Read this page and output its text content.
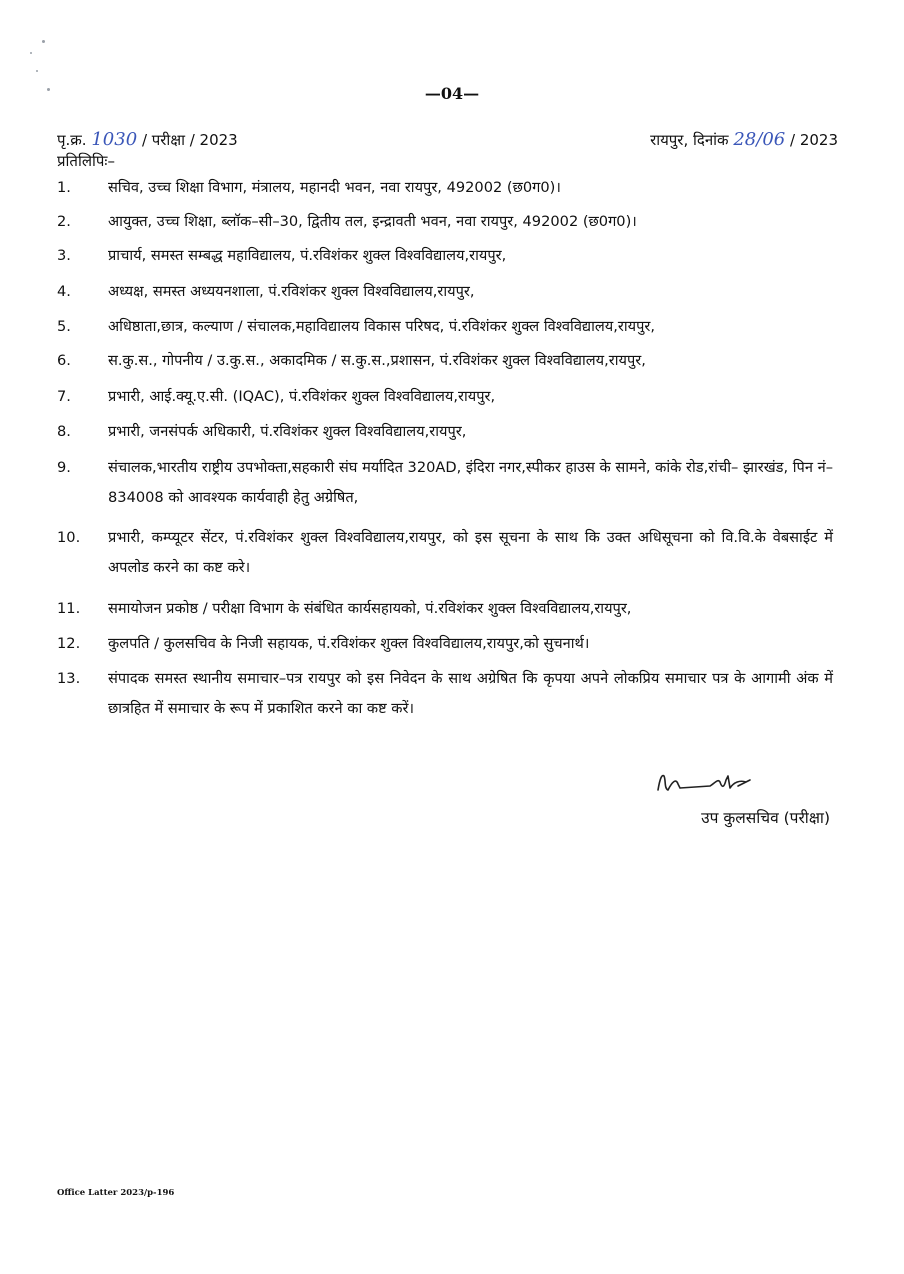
—04—
पृ.क्र. 1030 / परीक्षा / 2023	रायपुर, दिनांक 28/06 / 2023
प्रतिलिपिः–
1.	सचिव, उच्च शिक्षा विभाग, मंत्रालय, महानदी भवन, नवा रायपुर, 492002 (छ0ग0)।
2.	आयुक्त, उच्च शिक्षा, ब्लॉक–सी–30, द्वितीय तल, इन्द्रावती भवन, नवा रायपुर, 492002 (छ0ग0)।
3.	प्राचार्य, समस्त सम्बद्ध महाविद्यालय, पं.रविशंकर शुक्ल विश्वविद्यालय,रायपुर,
4.	अध्यक्ष, समस्त अध्ययनशाला, पं.रविशंकर शुक्ल विश्वविद्यालय,रायपुर,
5.	अधिष्ठाता,छात्र, कल्याण / संचालक,महाविद्यालय विकास परिषद, पं.रविशंकर शुक्ल विश्वविद्यालय,रायपुर,
6.	स.कु.स., गोपनीय / उ.कु.स., अकादमिक / स.कु.स.,प्रशासन, पं.रविशंकर शुक्ल विश्वविद्यालय,रायपुर,
7.	प्रभारी, आई.क्यू.ए.सी. (IQAC), पं.रविशंकर शुक्ल विश्वविद्यालय,रायपुर,
8.	प्रभारी, जनसंपर्क अधिकारी, पं.रविशंकर शुक्ल विश्वविद्यालय,रायपुर,
9.	संचालक,भारतीय राष्ट्रीय उपभोक्ता,सहकारी संघ मर्यादित 320AD, इंदिरा नगर,स्पीकर हाउस के सामने, कांके रोड,रांची– झारखंड, पिन नं– 834008 को आवश्यक कार्यवाही हेतु अग्रेषित,
10.	प्रभारी, कम्प्यूटर सेंटर, पं.रविशंकर शुक्ल विश्वविद्यालय,रायपुर, को इस सूचना के साथ कि उक्त अधिसूचना को वि.वि.के वेबसाईट में अपलोड करने का कष्ट करे।
11.	समायोजन प्रकोष्ठ / परीक्षा विभाग के संबंधित कार्यसहायको, पं.रविशंकर शुक्ल विश्वविद्यालय,रायपुर,
12.	कुलपति / कुलसचिव के निजी सहायक, पं.रविशंकर शुक्ल विश्वविद्यालय,रायपुर,को सुचनार्थ।
13.	संपादक समस्त स्थानीय समाचार–पत्र रायपुर को इस निवेदन के साथ अग्रेषित कि कृपया अपने लोकप्रिय समाचार पत्र के आगामी अंक में छात्रहित में समाचार के रूप में प्रकाशित करने का कष्ट करें।
उप कुलसचिव (परीक्षा)
Office Latter 2023/p-196
